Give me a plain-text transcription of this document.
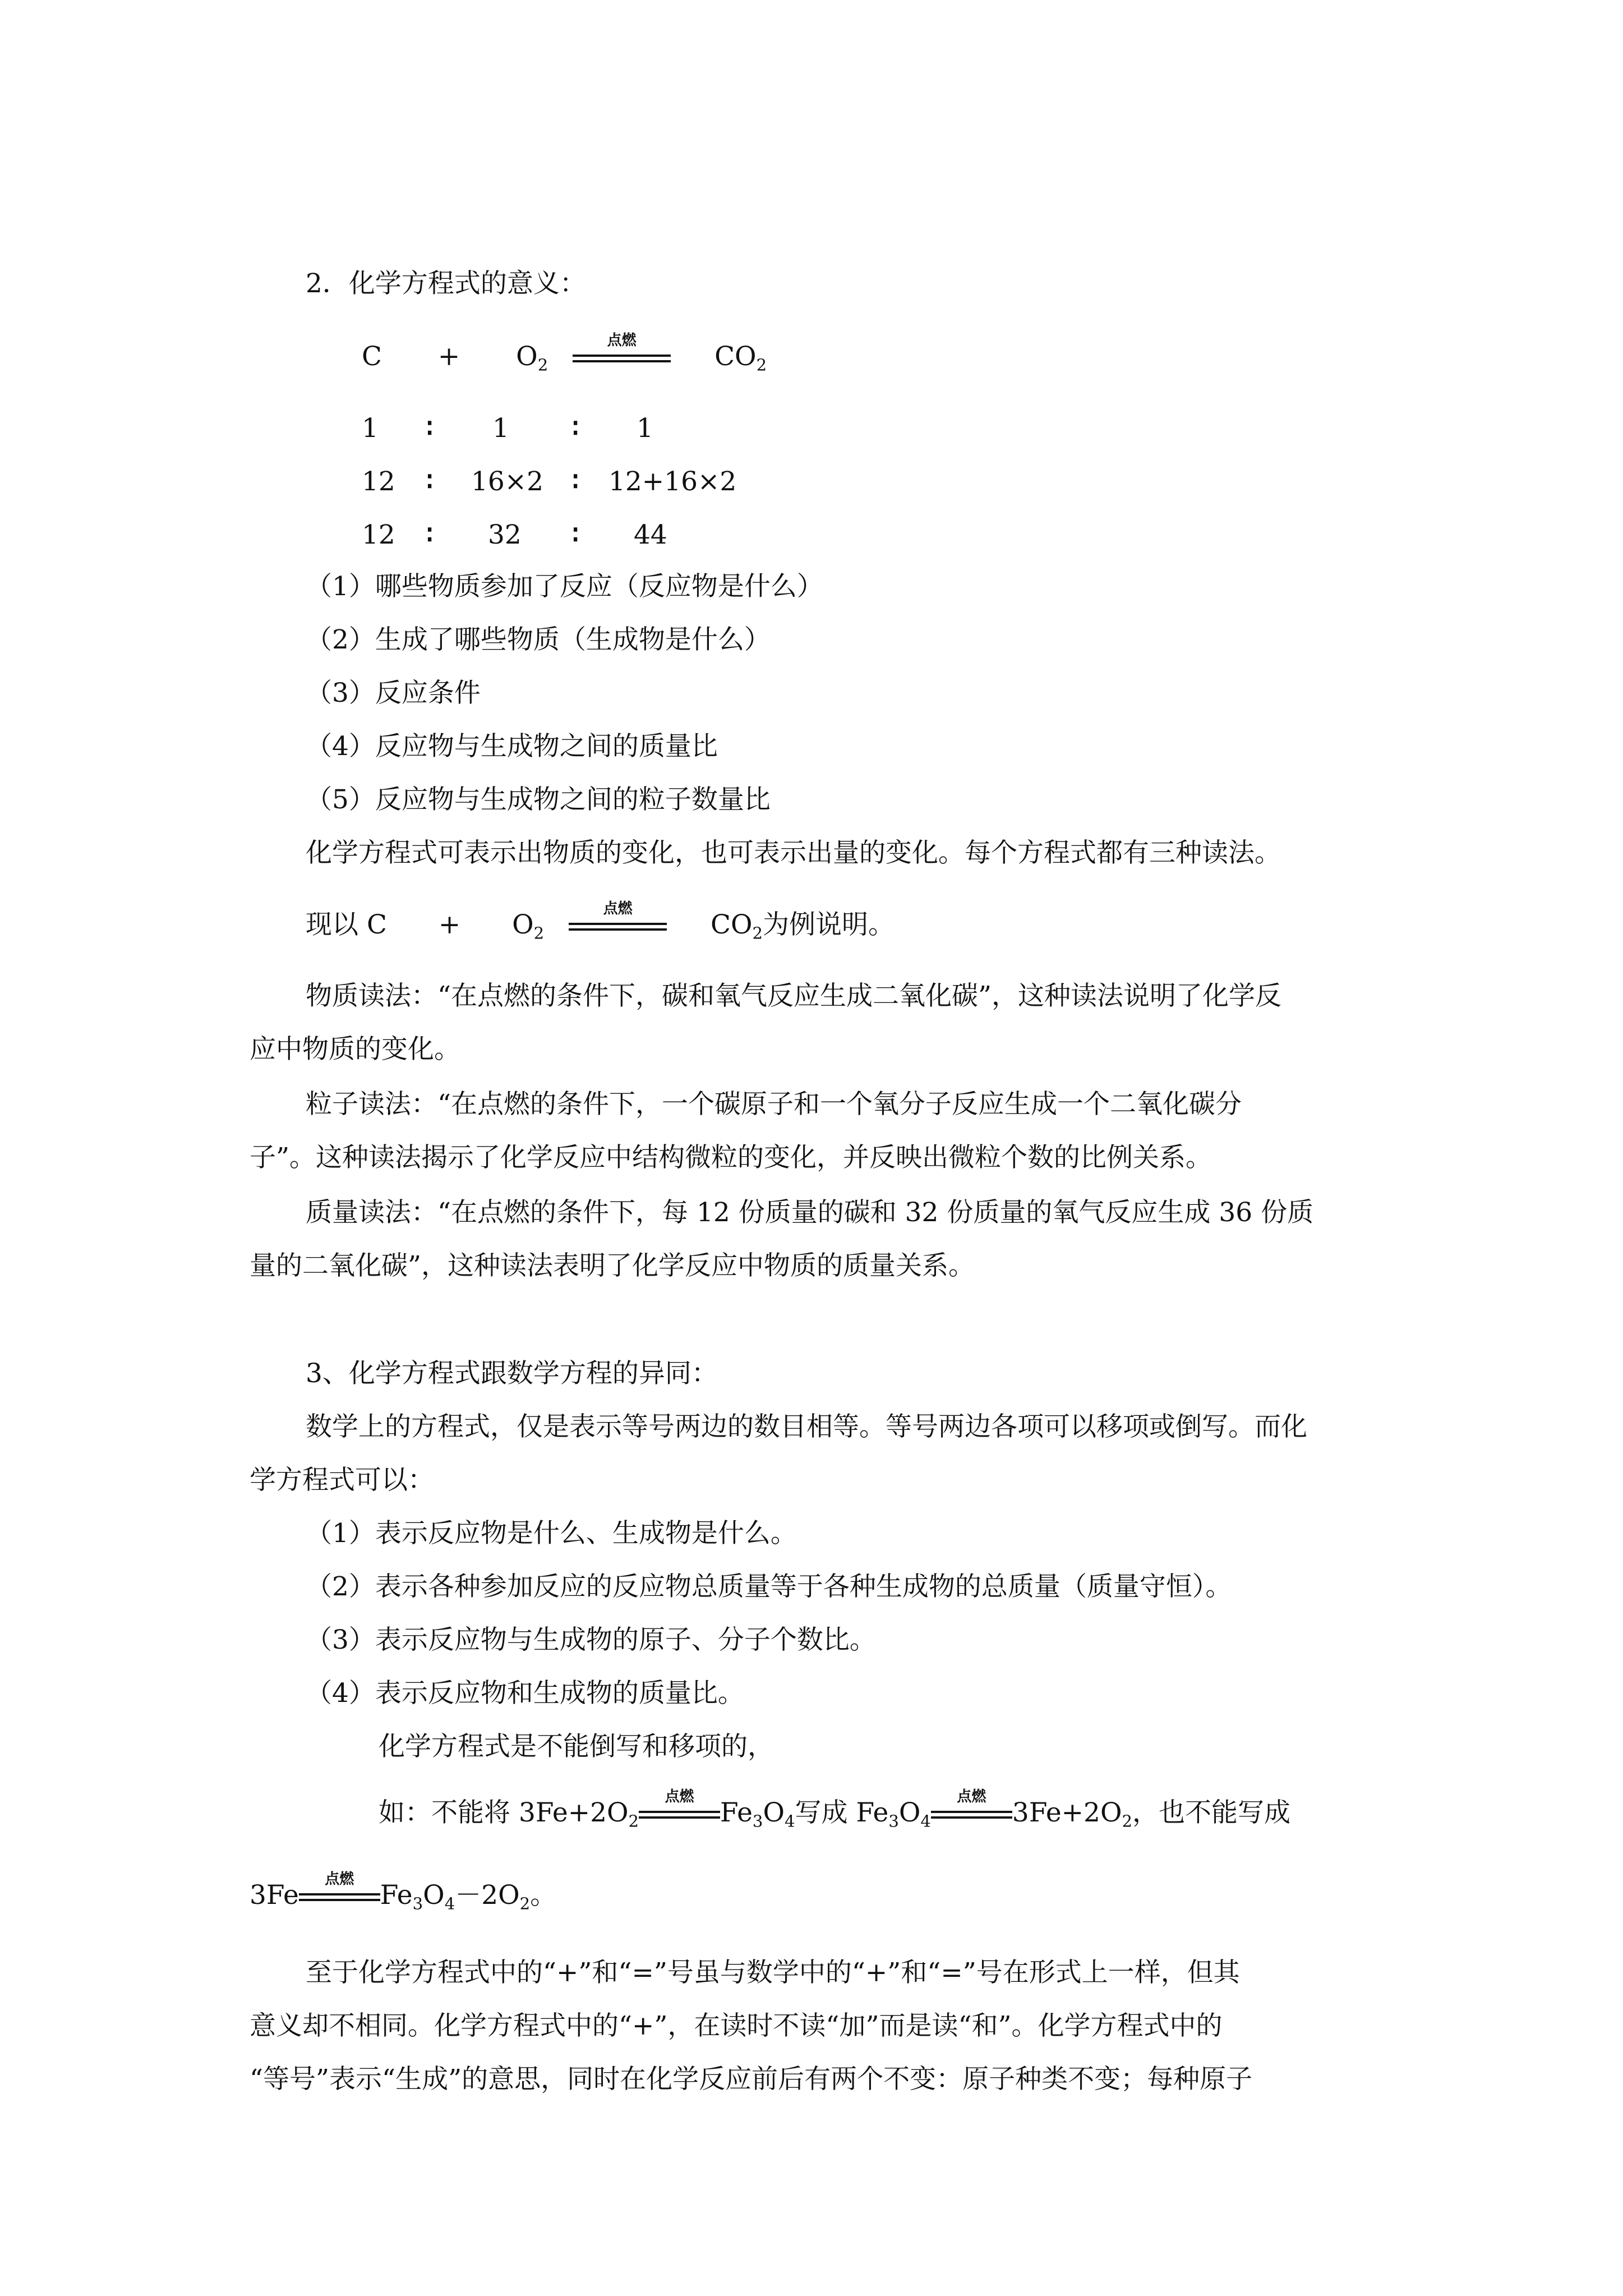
2．化学方程式的意义：
$C + O_2$
点燃
$CO_2$
1 ∶ 1 ∶ 1
12 ∶ 16×2 ∶ 12+16×2
12 ∶ 32 ∶ 44
（1）哪些物质参加了反应（反应物是什么）
（2）生成了哪些物质（生成物是什么）
（3）反应条件
（4）反应物与生成物之间的质量比
（5）反应物与生成物之间的粒子数量比
化学方程式可表示出物质的变化，也可表示出量的变化。每个方程式都有三种读法。
现以 $C + O_2$
点燃
$CO_2$为例说明。
物质读法：“在点燃的条件下，碳和氧气反应生成二氧化碳”，这种读法说明了化学反
应中物质的变化。
粒子读法：“在点燃的条件下，一个碳原子和一个氧分子反应生成一个二氧化碳分
子”。这种读法揭示了化学反应中结构微粒的变化，并反映出微粒个数的比例关系。
质量读法：“在点燃的条件下，每 12 份质量的碳和 32 份质量的氧气反应生成 36 份质
量的二氧化碳”，这种读法表明了化学反应中物质的质量关系。
3、化学方程式跟数学方程的异同：
数学上的方程式，仅是表示等号两边的数目相等。等号两边各项可以移项或倒写。而化
学方程式可以：
（1）表示反应物是什么、生成物是什么。
（2）表示各种参加反应的反应物总质量等于各种生成物的总质量（质量守恒）。
（3）表示反应物与生成物的原子、分子个数比。
（4）表示反应物和生成物的质量比。
化学方程式是不能倒写和移项的，
如：不能将 $3Fe+2O_2$
点燃
$Fe_3O_4$写成 $Fe_3O_4$
点燃
$3Fe+2O_2$，也不能写成
3Fe
点燃
$Fe_3O_4-2O_2$。
至于化学方程式中的“+”和“=”号虽与数学中的“+”和“=”号在形式上一样，但其
意义却不相同。化学方程式中的“+”，在读时不读“加”而是读“和”。化学方程式中的
“等号”表示“生成”的意思，同时在化学反应前后有两个不变：原子种类不变；每种原子
